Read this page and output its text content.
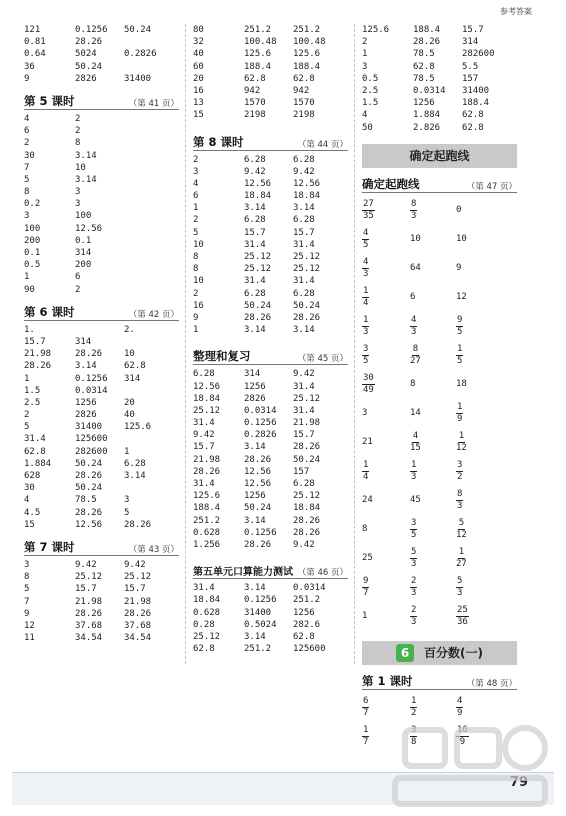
参考答案
121	0.1256	50.24
0.81	28.26
0.64	5024	0.2826
36	50.24
9	2826	31400
第 5 课时	（第 41 页）
4	2
6	2
2	8
30	3.14
7	10
5	3.14
8	3
0.2	3
3	100
100	12.56
200	0.1
0.1	314
0.5	200
1	6
90	2
第 6 课时	（第 42 页）
1.	2.
15.7	314
21.98	28.26	10
28.26	3.14	62.8
1	0.1256	314
1.5	0.0314
2.5	1256	20
2	2826	40
5	31400	125.6
31.4	125600
62.8	282600	1
1.884	50.24	6.28
628	28.26	3.14
30	50.24
4	78.5	3
4.5	28.26	5
15	12.56	28.26
第 7 课时	（第 43 页）
3	9.42	9.42
8	25.12	25.12
5	15.7	15.7
7	21.98	21.98
9	28.26	28.26
12	37.68	37.68
11	34.54	34.54
80	251.2	251.2
32	100.48	100.48
40	125.6	125.6
60	188.4	188.4
20	62.8	62.8
16	942	942
13	1570	1570
15	2198	2198
第 8 课时	（第 44 页）
2	6.28	6.28
3	9.42	9.42
4	12.56	12.56
6	18.84	18.84
1	3.14	3.14
2	6.28	6.28
5	15.7	15.7
10	31.4	31.4
8	25.12	25.12
8	25.12	25.12
10	31.4	31.4
2	6.28	6.28
16	50.24	50.24
9	28.26	28.26
1	3.14	3.14
整理和复习	（第 45 页）
6.28	314	9.42
12.56	1256	31.4
18.84	2826	25.12
25.12	0.0314	31.4
31.4	0.1256	21.98
9.42	0.2826	15.7
15.7	3.14	28.26
21.98	28.26	50.24
28.26	12.56	157
31.4	12.56	6.28
125.6	1256	25.12
188.4	50.24	18.84
251.2	3.14	28.26
0.628	0.1256	28.26
1.256	28.26	9.42
第五单元口算能力测试 （第 46 页）
31.4	3.14	0.0314
18.84	0.1256	251.2
0.628	31400	1256
0.28	0.5024	282.6
25.12	3.14	62.8
62.8	251.2	125600
125.6	188.4	15.7
2	28.26	314
1	78.5	282600
3	62.8	5.5
0.5	78.5	157
2.5	0.0314	31400
1.5	1256	188.4
4	1.884	62.8
50	2.826	62.8
确定起跑线
确定起跑线	（第 47 页）
$\frac{27}{35}$	$\frac{8}{3}$	0
$\frac{4}{5}$	10	10
$\frac{4}{3}$	64	9
$\frac{1}{4}$	6	12
$\frac{1}{3}$	$\frac{4}{3}$	$\frac{9}{5}$
$\frac{3}{5}$	$\frac{8}{27}$	$\frac{1}{5}$
$\frac{30}{49}$	8	18
3	14	$\frac{1}{9}$
21	$\frac{4}{15}$	$\frac{1}{12}$
$\frac{1}{4}$	$\frac{1}{3}$	$\frac{3}{2}$
24	45	$\frac{8}{3}$
8	$\frac{3}{5}$	$\frac{5}{12}$
25	$\frac{5}{3}$	$\frac{1}{27}$
$\frac{9}{7}$	$\frac{2}{3}$	$\frac{5}{3}$
1	$\frac{2}{3}$	$\frac{25}{36}$
6	百分数(一)
第 1 课时	（第 48 页）
$\frac{6}{7}$	$\frac{1}{2}$	$\frac{4}{9}$
$\frac{1}{7}$	$\frac{3}{8}$	$\frac{16}{9}$
79
